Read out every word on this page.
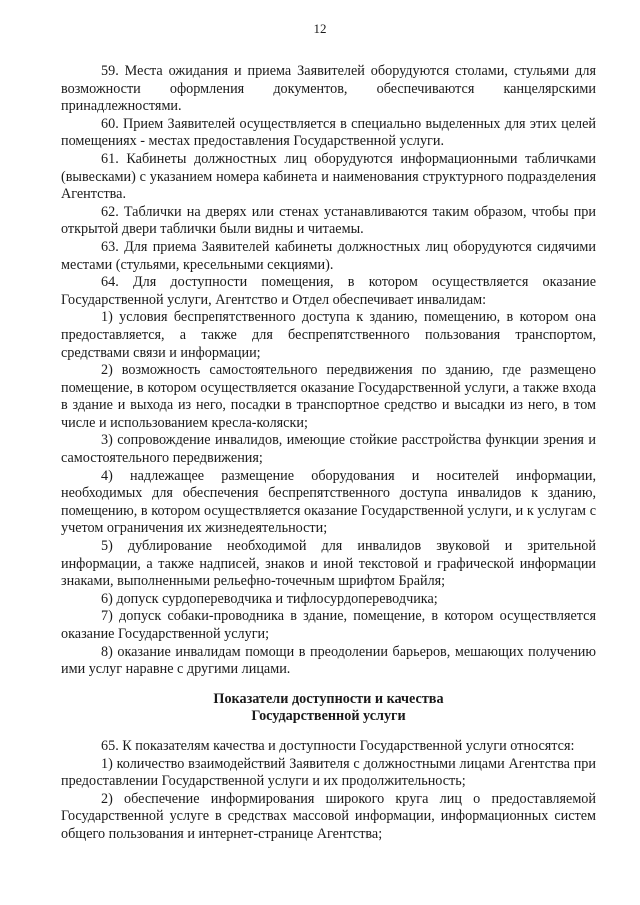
12

59. Места ожидания и приема Заявителей оборудуются столами, стульями для возможности оформления документов, обеспечиваются канцелярскими принадлежностями.

60. Прием Заявителей осуществляется в специально выделенных для этих целей помещениях - местах предоставления Государственной услуги.

61. Кабинеты должностных лиц оборудуются информационными табличками (вывесками) с указанием номера кабинета и наименования структурного подразделения Агентства.

62. Таблички на дверях или стенах устанавливаются таким образом, чтобы при открытой двери таблички были видны и читаемы.

63. Для приема Заявителей кабинеты должностных лиц оборудуются сидячими местами (стульями, кресельными секциями).

64. Для доступности помещения, в котором осуществляется оказание Государственной услуги, Агентство и Отдел обеспечивает инвалидам:

1) условия беспрепятственного доступа к зданию, помещению, в котором она предоставляется, а также для беспрепятственного пользования транспортом, средствами связи и информации;

2) возможность самостоятельного передвижения по зданию, где размещено помещение, в котором осуществляется оказание Государственной услуги, а также входа в здание и выхода из него, посадки в транспортное средство и высадки из него, в том числе и использованием кресла-коляски;

3) сопровождение инвалидов, имеющие стойкие расстройства функции зрения и самостоятельного передвижения;

4) надлежащее размещение оборудования и носителей информации, необходимых для обеспечения беспрепятственного доступа инвалидов к зданию, помещению, в котором осуществляется оказание Государственной услуги, и к услугам с учетом ограничения их жизнедеятельности;

5) дублирование необходимой для инвалидов звуковой и зрительной информации, а также надписей, знаков и иной текстовой и графической информации знаками, выполненными рельефно-точечным шрифтом Брайля;

6) допуск сурдопереводчика и тифлосурдопереводчика;

7) допуск собаки-проводника в здание, помещение, в котором осуществляется оказание Государственной услуги;

8) оказание инвалидам помощи в преодолении барьеров, мешающих получению ими услуг наравне с другими лицами.

Показатели доступности и качества

Государственной услуги

65. К показателям качества и доступности Государственной услуги относятся:

1) количество взаимодействий Заявителя с должностными лицами Агентства при предоставлении Государственной услуги и их продолжительность;

2) обеспечение информирования широкого круга лиц о предоставляемой Государственной услуге в средствах массовой информации, информационных систем общего пользования и интернет-странице Агентства;
